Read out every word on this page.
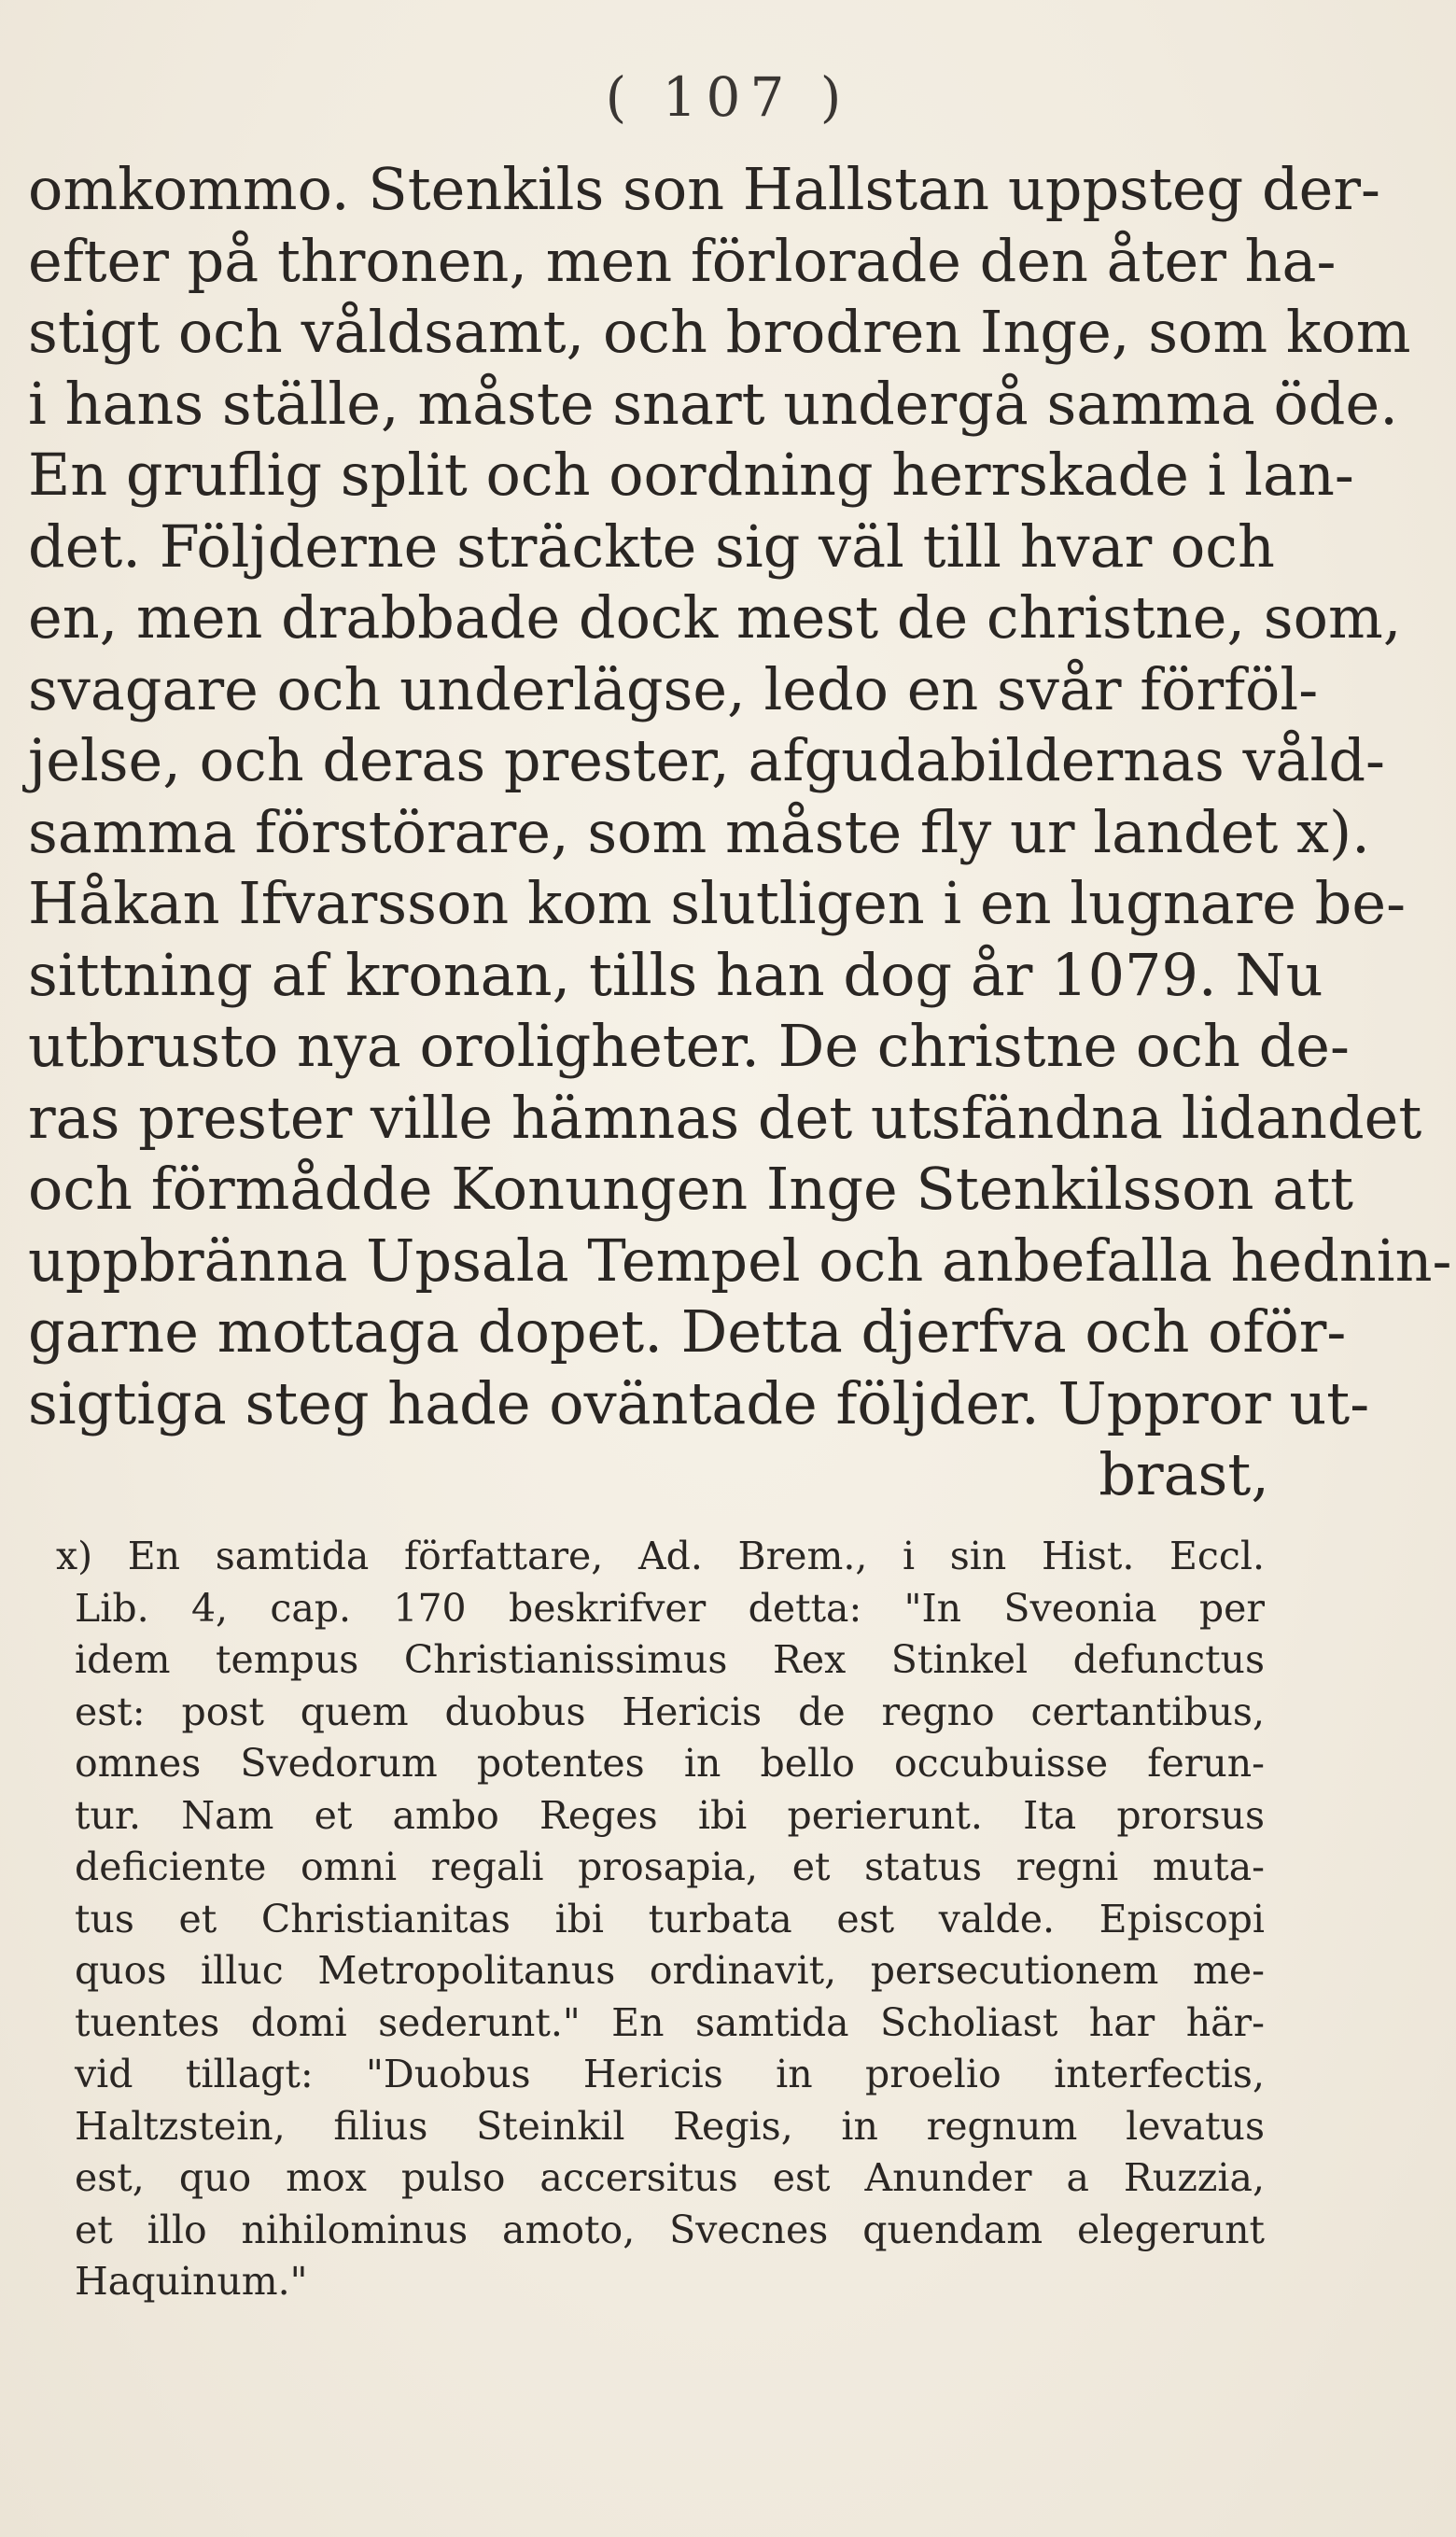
( 107 )
omkommo. Stenkils son Hallstan uppsteg der-
efter på thronen, men förlorade den åter ha-
stigt och våldsamt, och brodren Inge, som kom
i hans ställe, måste snart undergå samma öde.
En gruflig split och oordning herrskade i lan-
det. Följderne sträckte sig väl till hvar och
en, men drabbade dock mest de christne, som,
svagare och underlägse, ledo en svår förföl-
jelse, och deras prester, afgudabildernas våld-
samma förstörare, som måste fly ur landet x).
Håkan Ifvarsson kom slutligen i en lugnare be-
sittning af kronan, tills han dog år 1079. Nu
utbrusto nya oroligheter. De christne och de-
ras prester ville hämnas det utsfändna lidandet
och förmådde Konungen Inge Stenkilsson att
uppbränna Upsala Tempel och anbefalla hednin-
garne mottaga dopet. Detta djerfva och oför-
sigtiga steg hade oväntade följder. Uppror ut-
brast,
x) En samtida författare, Ad. Brem., i sin Hist. Eccl.
Lib. 4, cap. 170 beskrifver detta: "In Sveonia per
idem tempus Christianissimus Rex Stinkel defunctus
est: post quem duobus Hericis de regno certantibus,
omnes Svedorum potentes in bello occubuisse ferun-
tur. Nam et ambo Reges ibi perierunt. Ita prorsus
deficiente omni regali prosapia, et status regni muta-
tus et Christianitas ibi turbata est valde. Episcopi
quos illuc Metropolitanus ordinavit, persecutionem me-
tuentes domi sederunt." En samtida Scholiast har här-
vid tillagt: "Duobus Hericis in proelio interfectis,
Haltzstein, filius Steinkil Regis, in regnum levatus
est, quo mox pulso accersitus est Anunder a Ruzzia,
et illo nihilominus amoto, Svecnes quendam elegerunt
Haquinum."
